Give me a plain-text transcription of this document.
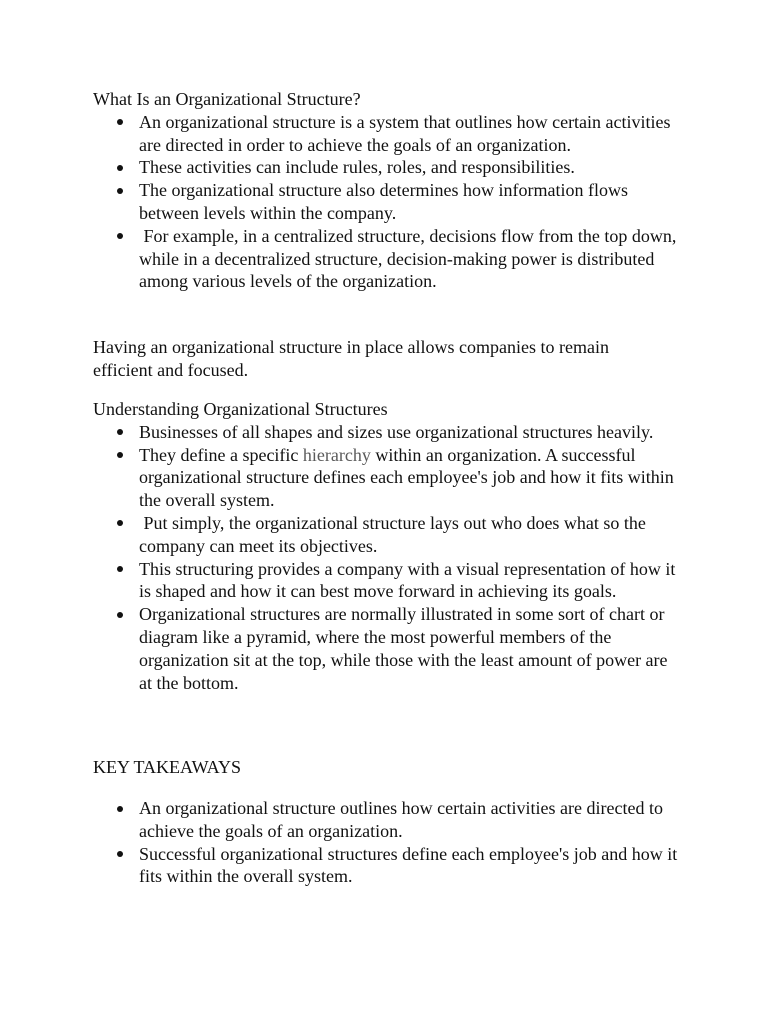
What Is an Organizational Structure?
An organizational structure is a system that outlines how certain activities are directed in order to achieve the goals of an organization.
These activities can include rules, roles, and responsibilities.
The organizational structure also determines how information flows between levels within the company.
For example, in a centralized structure, decisions flow from the top down, while in a decentralized structure, decision-making power is distributed among various levels of the organization.

Having an organizational structure in place allows companies to remain efficient and focused.

Understanding Organizational Structures
Businesses of all shapes and sizes use organizational structures heavily.
They define a specific hierarchy within an organization. A successful organizational structure defines each employee's job and how it fits within the overall system.
Put simply, the organizational structure lays out who does what so the company can meet its objectives.
This structuring provides a company with a visual representation of how it is shaped and how it can best move forward in achieving its goals.
Organizational structures are normally illustrated in some sort of chart or diagram like a pyramid, where the most powerful members of the organization sit at the top, while those with the least amount of power are at the bottom.
KEY TAKEAWAYS
An organizational structure outlines how certain activities are directed to achieve the goals of an organization.
Successful organizational structures define each employee's job and how it fits within the overall system.
